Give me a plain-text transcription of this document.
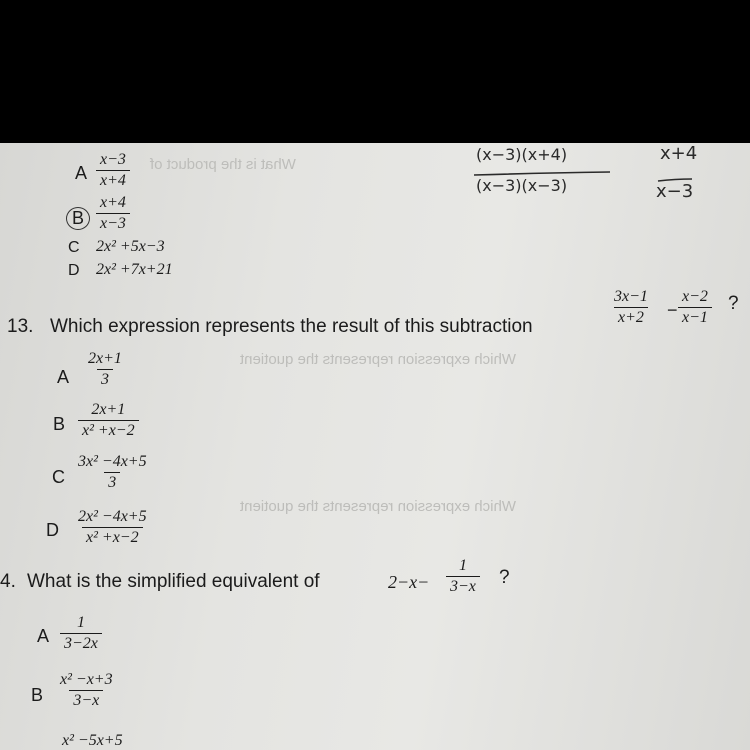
What is the product of
Which expression represents the quotient
Which expression represents the quotient
A $\frac{x-3}{x+4}$
B $\frac{x+4}{x-3}$
C 2x² +5x−3
D 2x² +7x+21
(x−3)(x+4)
(x−3)(x−3)
x+4
x−3
13. Which expression represents the result of this subtraction	$\frac{3x-1}{x+2} - \frac{x-2}{x-1}$ ?
A $\frac{2x+1}{3}$
B $\frac{2x+1}{\text{x² +x−2}}$
C $\frac{\text{3x² −4x+5}}{3}$
D $\frac{\text{2x² −4x+5}}{\text{x² +x−2}}$
4. What is the simplified equivalent of	$2-x- \frac{1}{3-x}$ ?
A $\frac{1}{3-2x}$
B $\frac{\text{x² −x+3}}{3-x}$
x² −5x+5
